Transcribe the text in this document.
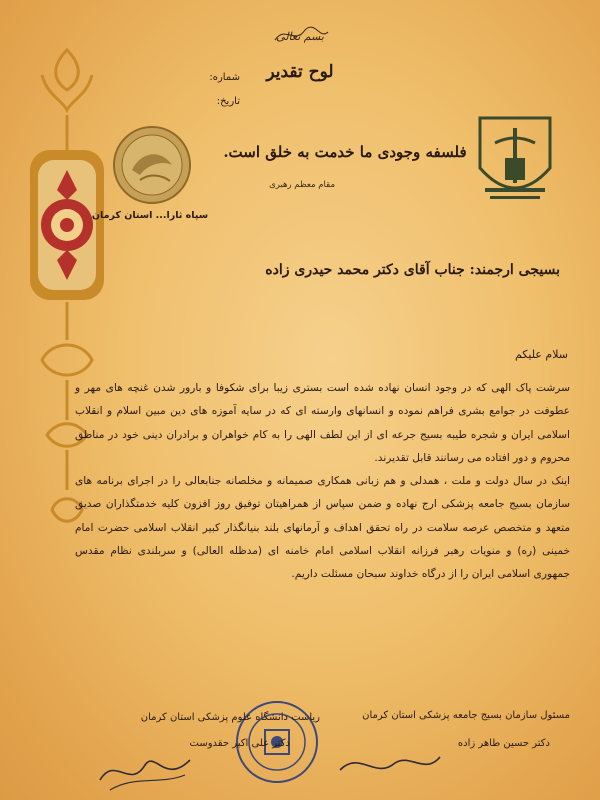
بسم تعالی
لوح تقدیر
شماره:
تاریخ:
فلسفه وجودی ما خدمت به خلق است.
مقام معظم رهبری
سپاه ثارا... استان کرمان
بسیجی ارجمند: جناب آقای دکتر محمد حیدری زاده
سلام علیکم

سرشت پاک الهی که در وجود انسان نهاده شده است بستری زیبا برای شکوفا و بارور شدن غنچه های مهر و عطوفت در جوامع بشری فراهم نموده و انسانهای وارسته ای که در سایه آموزه های دین مبین اسلام و انقلاب اسلامی ایران و شجره طیبه بسیج جرعه ای از این لطف الهی را به کام خواهران و برادران دینی خود در مناطق محروم و دور افتاده می رسانند قابل تقدیرند.

اینک در سال دولت و ملت ، همدلی و هم زبانی همکاری صمیمانه و مخلصانه جنابعالی را در اجرای برنامه های سازمان بسیج جامعه پزشکی ارج نهاده و ضمن سپاس از همراهیتان توفیق روز افزون کلیه خدمتگذاران صدیق متعهد و متخصص عرصه سلامت در راه تحقق اهداف و آرمانهای بلند بنیانگذار کبیر انقلاب اسلامی حضرت امام خمینی (ره) و منویات رهبر فرزانه انقلاب اسلامی امام خامنه ای (مدظله العالی) و سربلندی نظام مقدس جمهوری اسلامی ایران را از درگاه خداوند سبحان مسئلت داریم.

مسئول سازمان بسیج جامعه پزشکی استان کرمان
دکتر حسین طاهر زاده
ریاست دانشگاه علوم پزشکی استان کرمان
دکتر علی اکبر حقدوست
